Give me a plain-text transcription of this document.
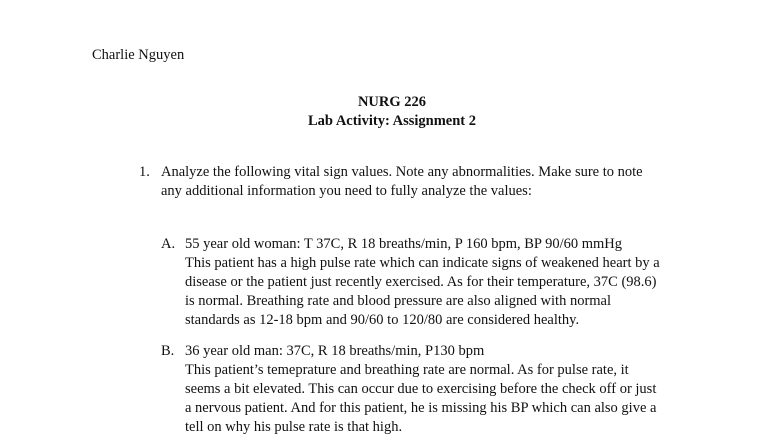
Charlie Nguyen
NURG 226
Lab Activity: Assignment 2
1. Analyze the following vital sign values. Note any abnormalities. Make sure to note
any additional information you need to fully analyze the values:
A. 55 year old woman: T 37C, R 18 breaths/min, P 160 bpm, BP 90/60 mmHg
This patient has a high pulse rate which can indicate signs of weakened heart by a
disease or the patient just recently exercised. As for their temperature, 37C (98.6)
is normal. Breathing rate and blood pressure are also aligned with normal
standards as 12-18 bpm and 90/60 to 120/80 are considered healthy.
B. 36 year old man: 37C, R 18 breaths/min, P130 bpm
This patient’s temeprature and breathing rate are normal. As for pulse rate, it
seems a bit elevated. This can occur due to exercising before the check off or just
a nervous patient. And for this patient, he is missing his BP which can also give a
tell on why his pulse rate is that high.
